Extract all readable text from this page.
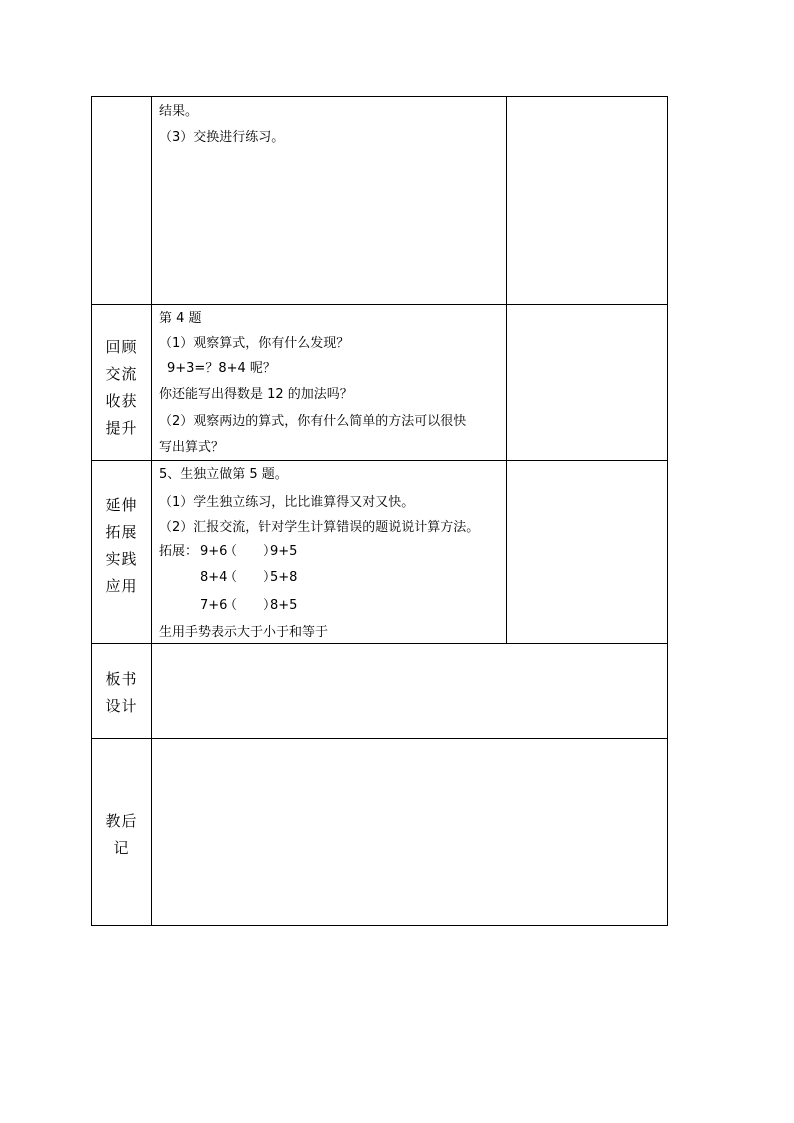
结果。
（3）交换进行练习。
回顾
交流
收获
提升
第 4 题
（1）观察算式，你有什么发现？
9+3=？8+4 呢？
你还能写出得数是 12 的加法吗？
（2）观察两边的算式，你有什么简单的方法可以很快
写出算式？
延伸
拓展
实践
应用
5、生独立做第 5 题。
（1）学生独立练习，比比谁算得又对又快。
（2）汇报交流，针对学生计算错误的题说说计算方法。
拓展： 9+6
（　　）
9+5
8+4
（　　）
5+8
7+6
（　　）
8+5
生用手势表示大于小于和等于
板书
设计
教后
记
